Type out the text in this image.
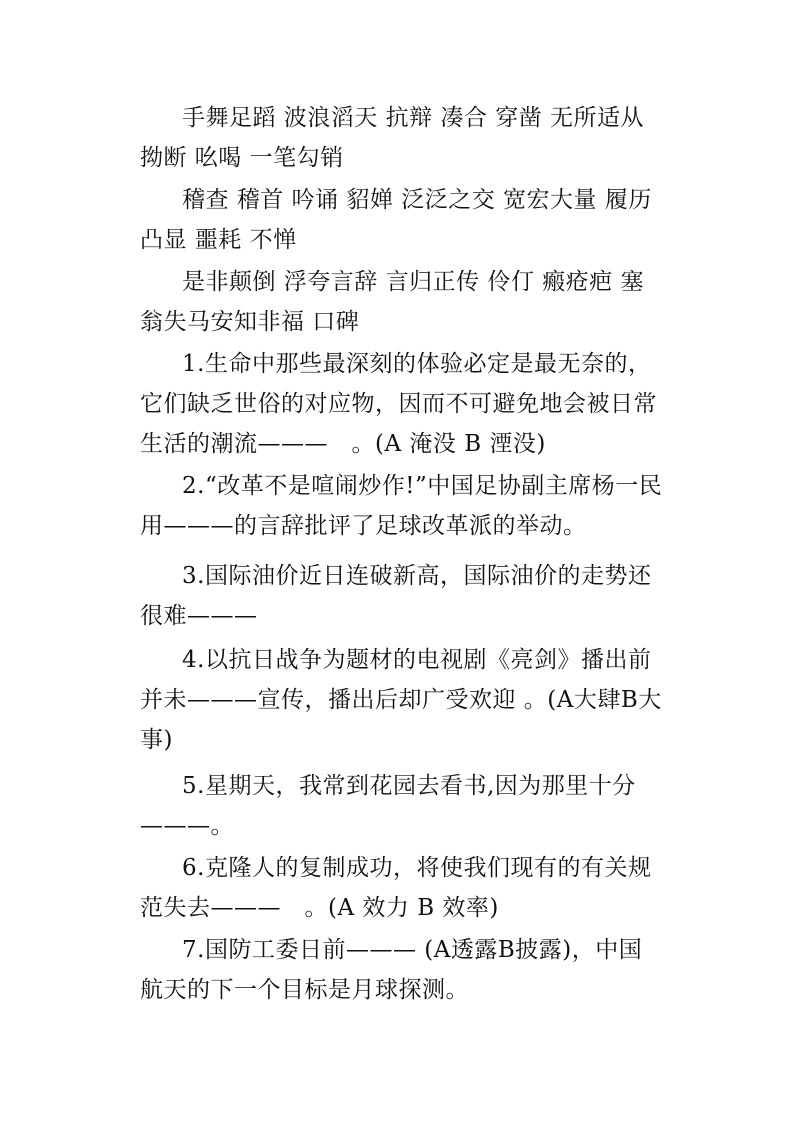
手舞足蹈 波浪滔天 抗辩 凑合 穿凿 无所适从 拗断 吆喝 一笔勾销

稽查 稽首 吟诵 貂婵 泛泛之交 宽宏大量 履历 凸显 噩耗 不惮

是非颠倒 浮夸言辞 言归正传 伶仃 瘢疮疤 塞翁失马安知非福 口碑

1.生命中那些最深刻的体验必定是最无奈的，它们缺乏世俗的对应物，因而不可避免地会被日常生活的潮流———　。(A 淹没 B 湮没)

2.“改革不是喧闹炒作!”中国足协副主席杨一民用———的言辞批评了足球改革派的举动。

3.国际油价近日连破新高，国际油价的走势还很难———

4.以抗日战争为题材的电视剧《亮剑》播出前并未———宣传，播出后却广受欢迎 。(A大肆B大事)

5.星期天，我常到花园去看书,因为那里十分———。

6.克隆人的复制成功，将使我们现有的有关规范失去———　。(A 效力 B 效率)

7.国防工委日前——— (A透露B披露)，中国航天的下一个目标是月球探测。
